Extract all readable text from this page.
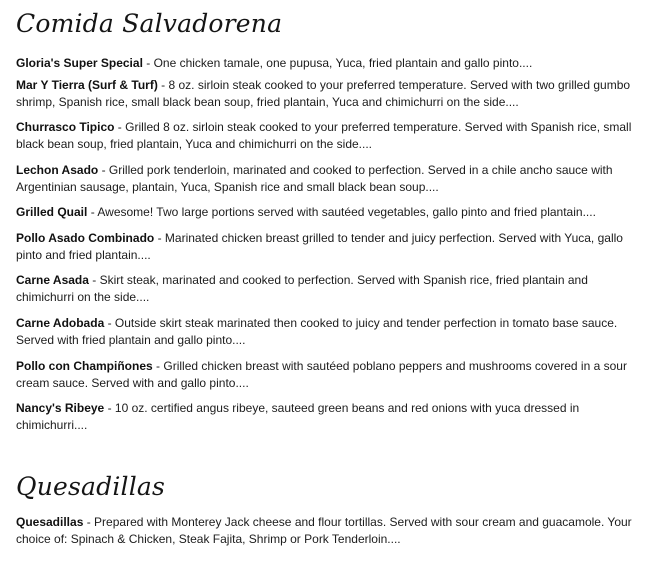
Comida Salvadorena

Gloria's Super Special - One chicken tamale, one pupusa, Yuca, fried plantain and gallo pinto....

Mar Y Tierra (Surf & Turf) - 8 oz. sirloin steak cooked to your preferred temperature. Served with two grilled gumbo shrimp, Spanish rice, small black bean soup, fried plantain, Yuca and chimichurri on the side....

Churrasco Tipico - Grilled 8 oz. sirloin steak cooked to your preferred temperature. Served with Spanish rice, small black bean soup, fried plantain, Yuca and chimichurri on the side....

Lechon Asado - Grilled pork tenderloin, marinated and cooked to perfection. Served in a chile ancho sauce with Argentinian sausage, plantain, Yuca, Spanish rice and small black bean soup....

Grilled Quail - Awesome! Two large portions served with sautéed vegetables, gallo pinto and fried plantain....

Pollo Asado Combinado - Marinated chicken breast grilled to tender and juicy perfection. Served with Yuca, gallo pinto and fried plantain....

Carne Asada - Skirt steak, marinated and cooked to perfection. Served with Spanish rice, fried plantain and chimichurri on the side....

Carne Adobada - Outside skirt steak marinated then cooked to juicy and tender perfection in tomato base sauce. Served with fried plantain and gallo pinto....

Pollo con Champiñones - Grilled chicken breast with sautéed poblano peppers and mushrooms covered in a sour cream sauce. Served with and gallo pinto....

Nancy's Ribeye - 10 oz. certified angus ribeye, sauteed green beans and red onions with yuca dressed in chimichurri....

Quesadillas

Quesadillas - Prepared with Monterey Jack cheese and flour tortillas. Served with sour cream and guacamole. Your choice of: Spinach & Chicken, Steak Fajita, Shrimp or Pork Tenderloin....
